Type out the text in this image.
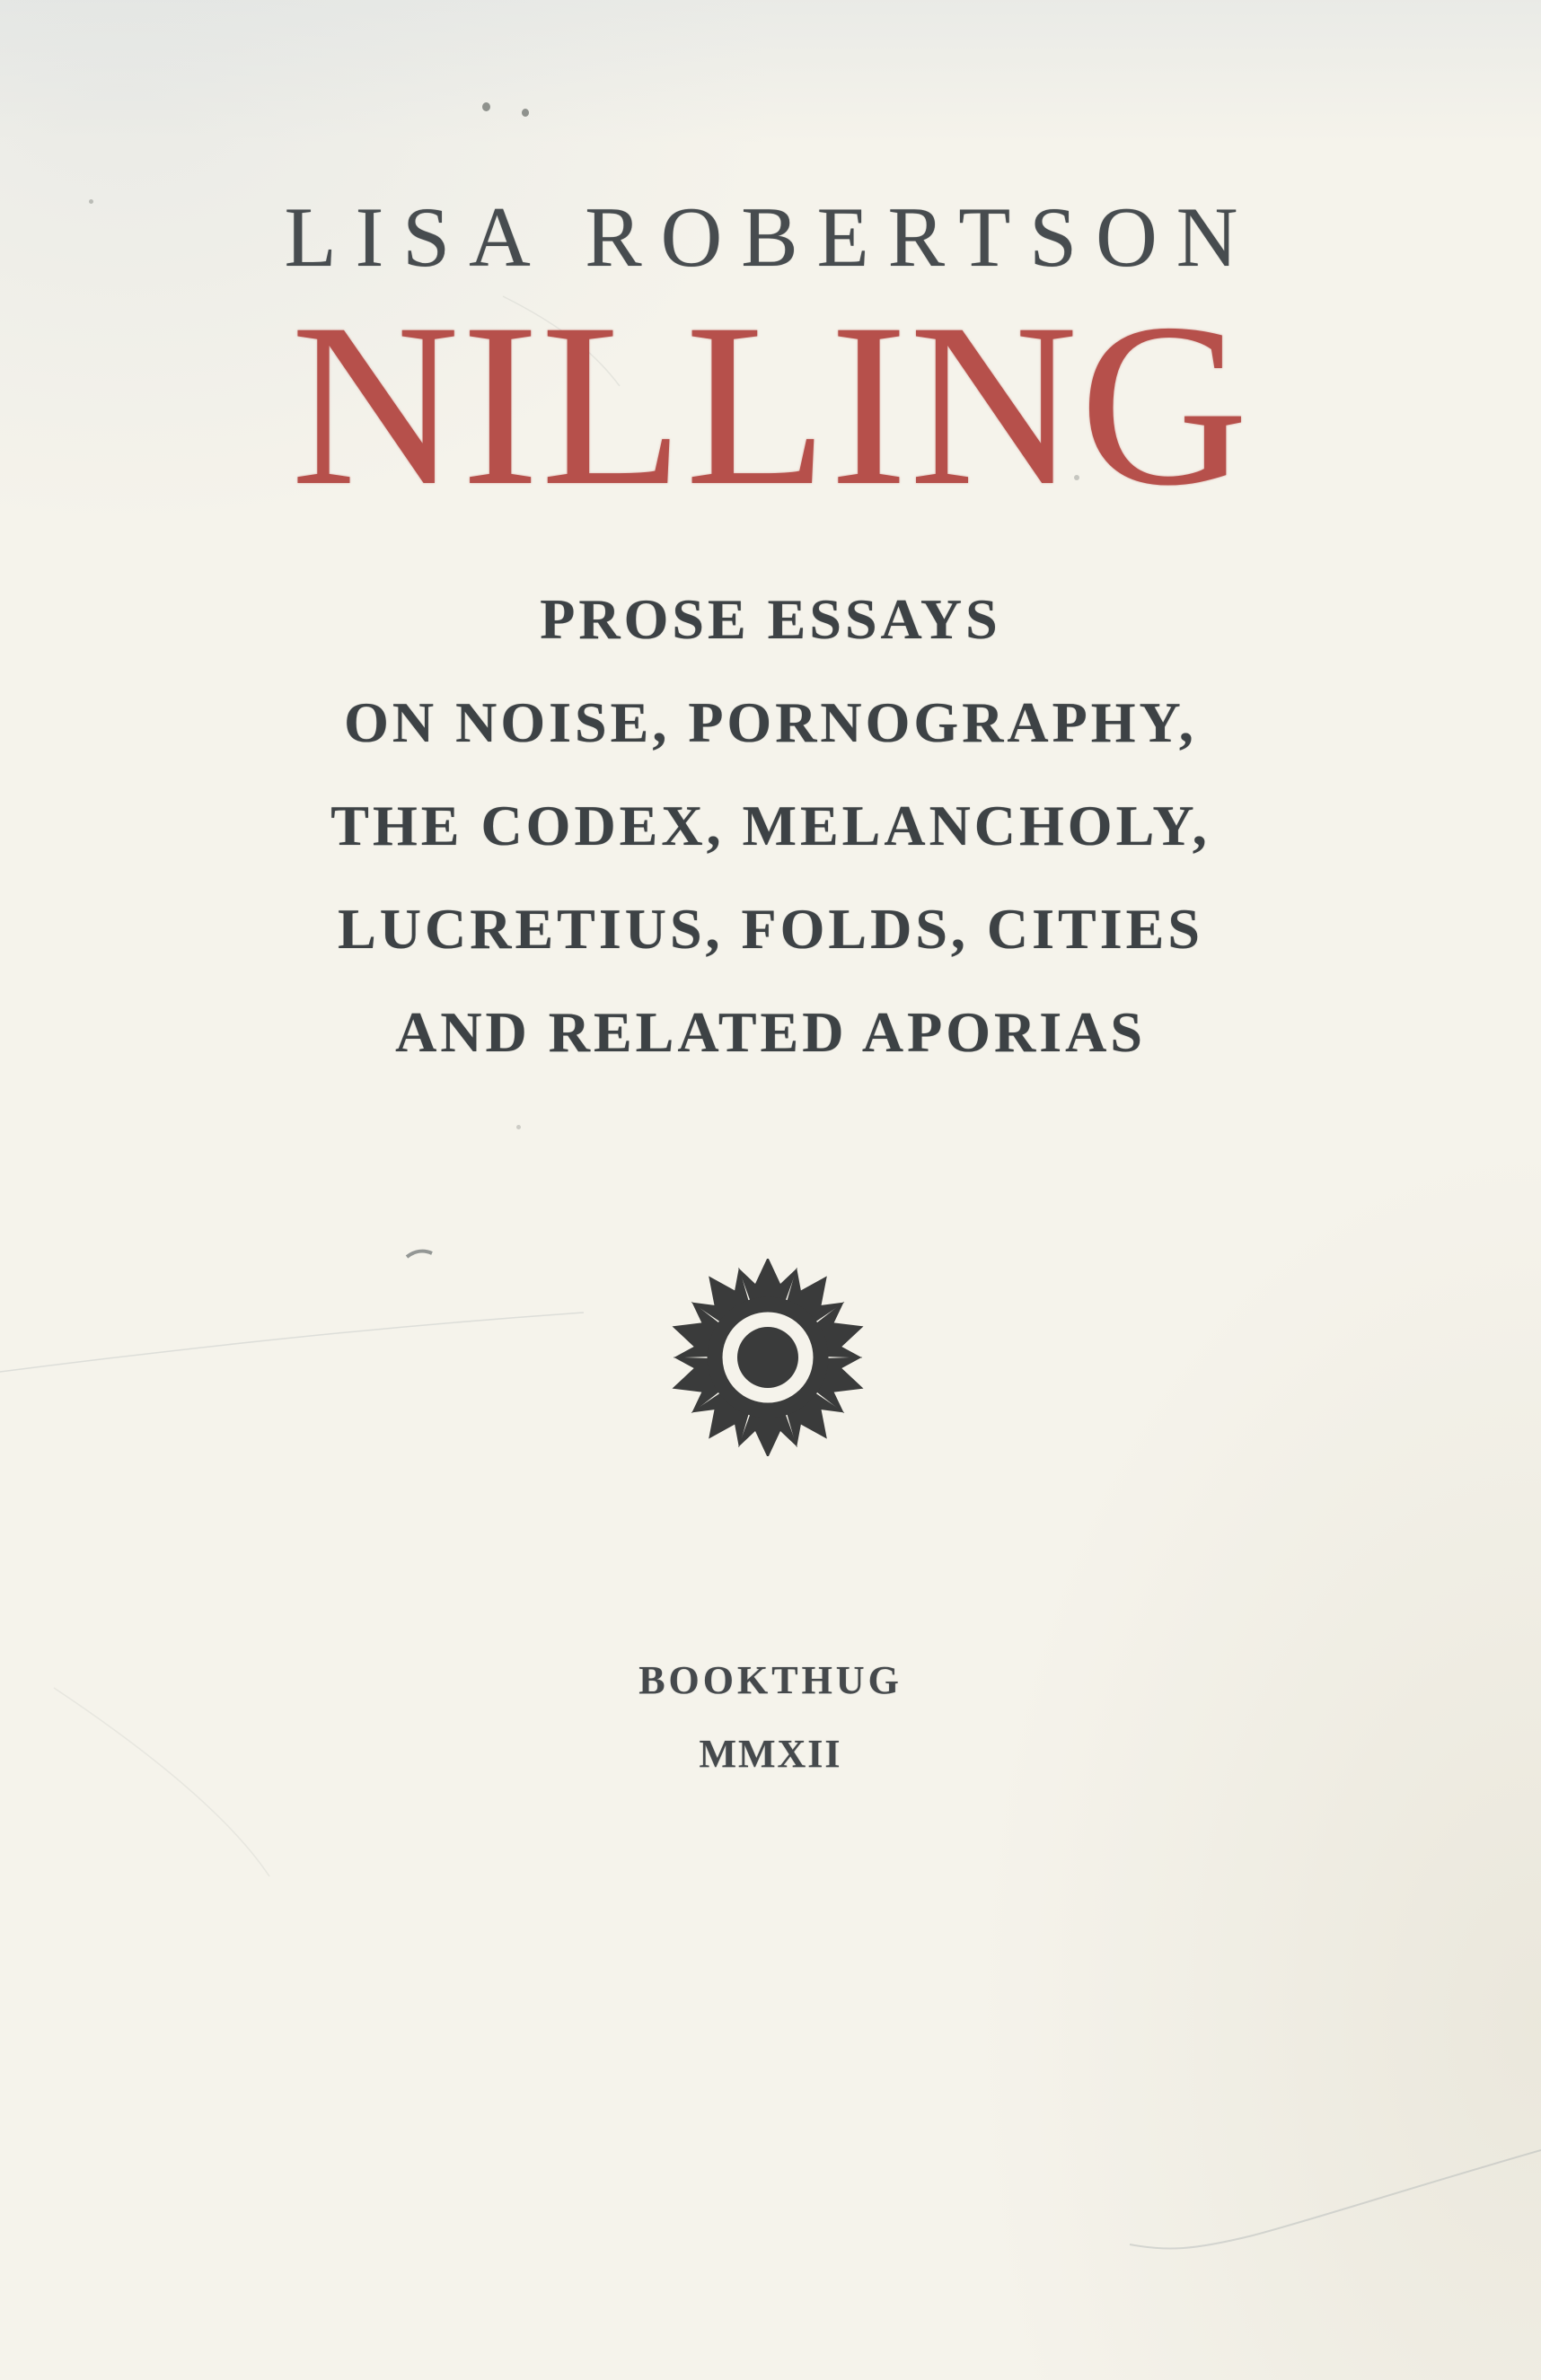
LISA ROBERTSON
NILLING
PROSE ESSAYS
ON NOISE, PORNOGRAPHY,
THE CODEX, MELANCHOLY,
LUCRETIUS, FOLDS, CITIES
AND RELATED APORIAS
BOOKTHUG
MMXII
